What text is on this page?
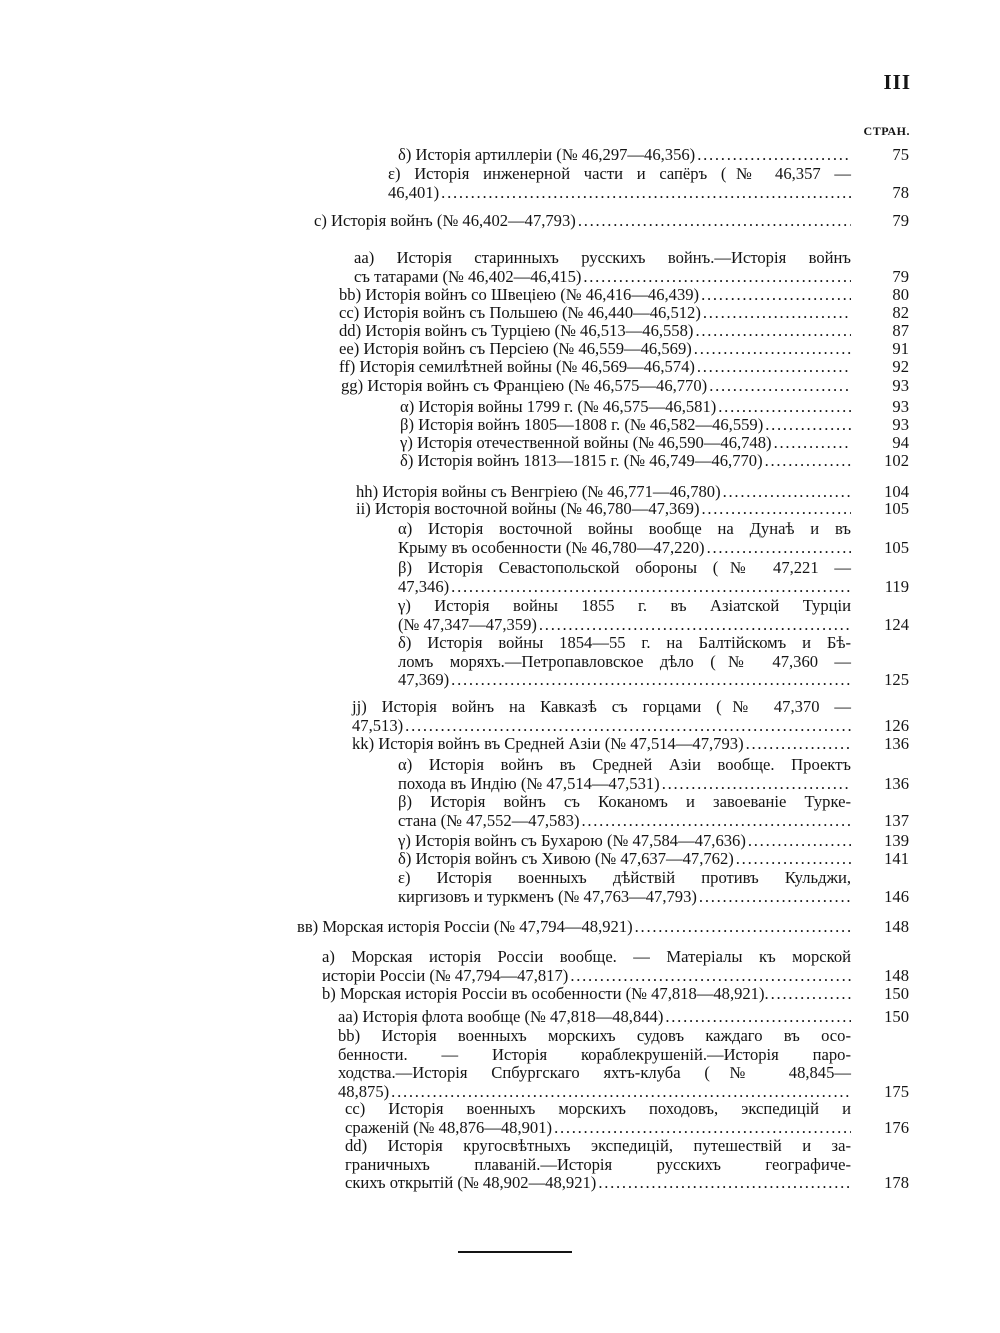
III
СТРАН.
δ) Исторія артиллеріи (№ 46,297—46,356) . . .	75
ε) Исторія инженерной части и сапёръ (№ 46,357 —
46,401) . . .	78
c) Исторія войнъ (№ 46,402—47,793) . . .	79
aa) Исторія старинныхъ русскихъ войнъ.—Исторія войнъ
съ татарами (№ 46,402—46,415) . . .	79
bb) Исторія войнъ со Швеціею (№ 46,416—46,439) . . .	80
cc) Исторія войнъ съ Польшею (№ 46,440—46,512) . . .	82
dd) Исторія войнъ съ Турціею (№ 46,513—46,558) . . .	87
ee) Исторія войнъ съ Персіею (№ 46,559—46,569) . . .	91
ff) Исторія семилѣтней войны (№ 46,569—46,574) . . .	92
gg) Исторія войнъ съ Франціею (№ 46,575—46,770) . . .	93
α) Исторія войны 1799 г. (№ 46,575—46,581) . . .	93
β) Исторія войнъ 1805—1808 г. (№ 46,582—46,559) . . .	93
γ) Исторія отечественной войны (№ 46,590—46,748) . . .	94
δ) Исторія войнъ 1813—1815 г. (№ 46,749—46,770) . . .	102
hh) Исторія войны съ Венгріею (№ 46,771—46,780) . . .	104
ii) Исторія восточной войны (№ 46,780—47,369) . . .	105
α) Исторія восточной войны вообще на Дунаѣ и въ
Крыму въ особенности (№ 46,780—47,220) . . .	105
β) Исторія Севастопольской обороны (№ 47,221 —
47,346) . . .	119
γ) Исторія войны 1855 г. въ Азіатской Турціи
(№ 47,347—47,359) . . .	124
δ) Исторія войны 1854—55 г. на Балтійскомъ и Бѣ-
ломъ моряхъ.—Петропавловское дѣло (№ 47,360 —
47,369) . . .	125
jj) Исторія войнъ на Кавказѣ съ горцами (№ 47,370 —
47,513) . . .	126
kk) Исторія войнъ въ Средней Азіи (№ 47,514—47,793) . . .	136
α) Исторія войнъ въ Средней Азіи вообще. Проектъ
похода въ Индію (№ 47,514—47,531) . . .	136
β) Исторія войнъ съ Коканомъ и завоеваніе Турке-
стана (№ 47,552—47,583) . . .	137
γ) Исторія войнъ съ Бухарою (№ 47,584—47,636) . . .	139
δ) Исторія войнъ съ Хивою (№ 47,637—47,762) . . .	141
ε) Исторія военныхъ дѣйствій противъ Кульджи,
киргизовъ и туркменъ (№ 47,763—47,793) . . .	146
вв) Морская исторія Россіи (№ 47,794—48,921) . . .	148
a) Морская исторія Россіи вообще. — Матеріалы къ морской
исторіи Россіи (№ 47,794—47,817) . . .	148
b) Морская исторія Россіи въ особенности (№ 47,818—48,921). . . .	150
aa) Исторія флота вообще (№ 47,818—48,844) . . .	150
bb) Исторія военныхъ морскихъ судовъ каждаго въ осо-
бенности. — Исторія кораблекрушеній.—Исторія паро-
ходства.—Исторія Спбургскаго яхтъ-клуба (№ 48,845—
48,875) . . .	175
cc) Исторія военныхъ морскихъ походовъ, экспедицій и
сраженій (№ 48,876—48,901) . . .	176
dd) Исторія кругосвѣтныхъ экспедицій, путешествій и за-
граничныхъ плаваній.—Исторія русскихъ географиче-
скихъ открытій (№ 48,902—48,921) . . .	178
